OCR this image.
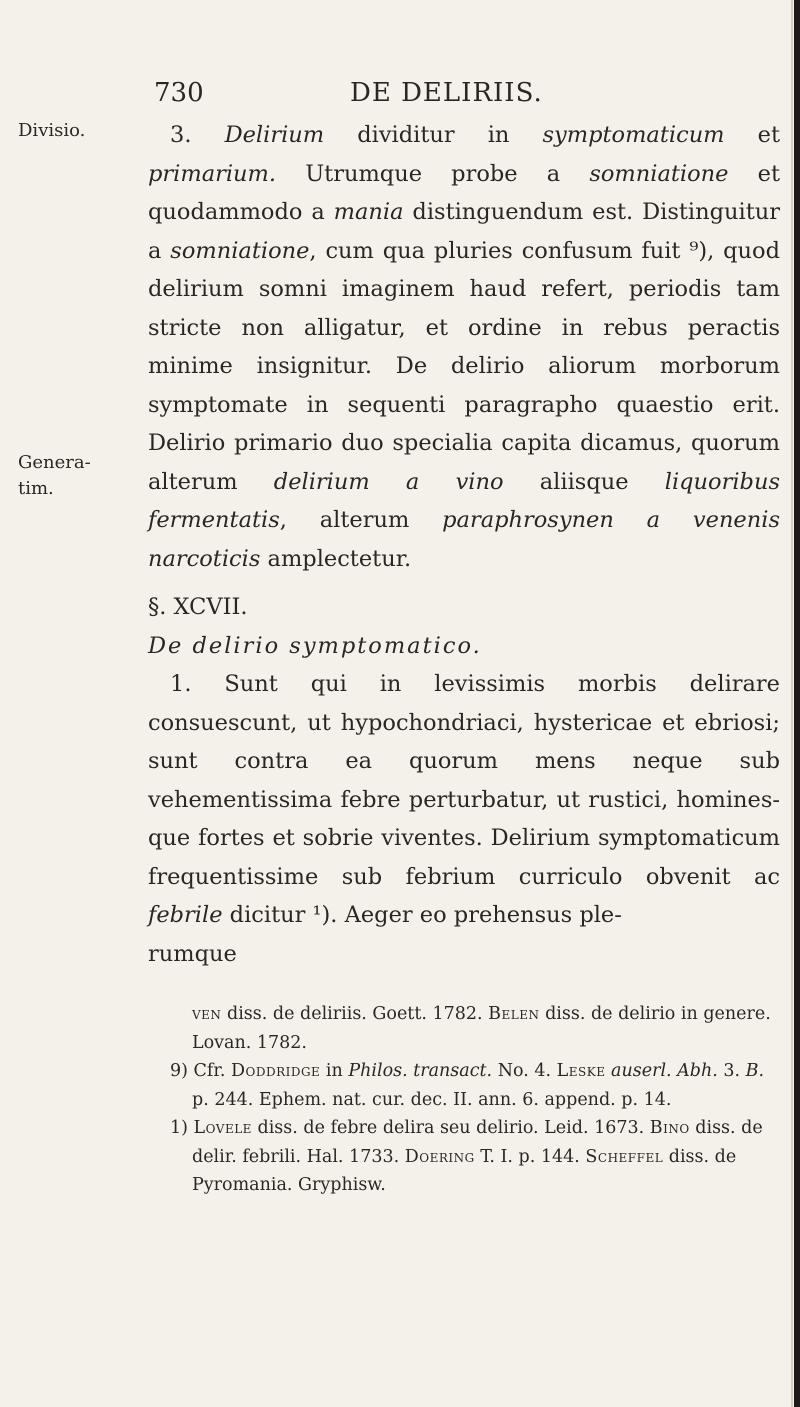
730	DE DELIRIIS.
Divisio.
Genera-
tim.

3. Delirium dividitur in symptomaticum et primarium. Utrumque probe a somniatione et quodammodo a mania distinguendum est. Distinguitur a somniatione, cum qua pluries confusum fuit ⁹), quod delirium somni imaginem haud refert, periodis tam stricte non alligatur, et ordine in rebus peractis minime insignitur. De delirio aliorum morborum symptomate in sequenti paragrapho quaestio erit. Delirio primario duo specialia capita dicamus, quorum alterum delirium a vino aliisque liquoribus fermentatis, alterum paraphrosynen a venenis narcoticis amplectetur.

§. XCVII.

De delirio symptomatico.

1. Sunt qui in levissimis morbis delirare consuescunt, ut hypochondriaci, hystericae et ebriosi; sunt contra ea quorum mens neque sub vehementissima febre perturbatur, ut rustici, homines-que fortes et sobrie viventes. Delirium symptomaticum frequentissime sub febrium curriculo obvenit ac febrile dicitur ¹). Aeger eo prehensus ple-

rumque

ven diss. de deliriis. Goett. 1782. Belen diss. de delirio in genere. Lovan. 1782.

9) Cfr. Doddridge in Philos. transact. No. 4. Leske auserl. Abh. 3. B. p. 244. Ephem. nat. cur. dec. II. ann. 6. append. p. 14.

1) Lovele diss. de febre delira seu delirio. Leid. 1673. Bino diss. de delir. febrili. Hal. 1733. Doering T. I. p. 144. Scheffel diss. de Pyromania. Gryphisw.
